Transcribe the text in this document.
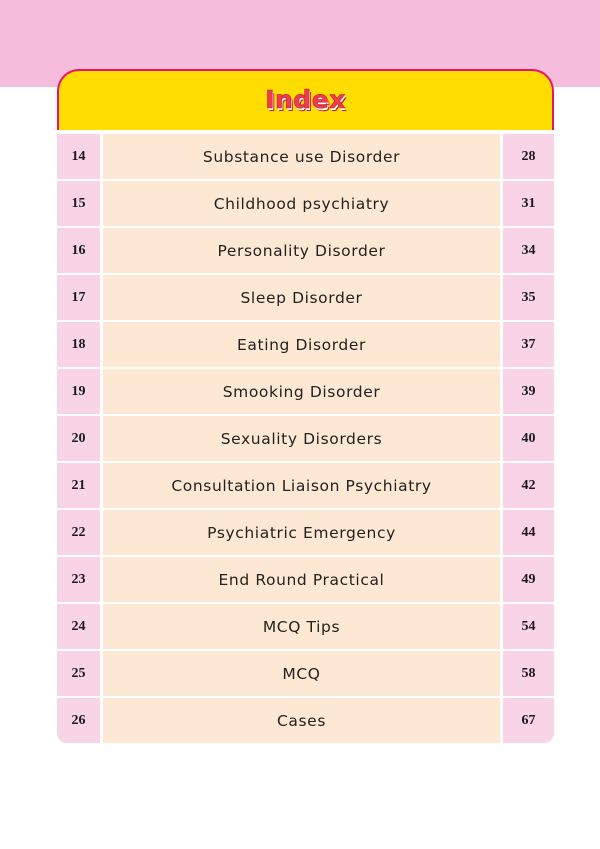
Index
14	Substance use Disorder	28
15	Childhood psychiatry	31
16	Personality Disorder	34
17	Sleep Disorder	35
18	Eating Disorder	37
19	Smooking Disorder	39
20	Sexuality Disorders	40
21	Consultation Liaison Psychiatry	42
22	Psychiatric Emergency	44
23	End Round Practical	49
24	MCQ Tips	54
25	MCQ	58
26	Cases	67
